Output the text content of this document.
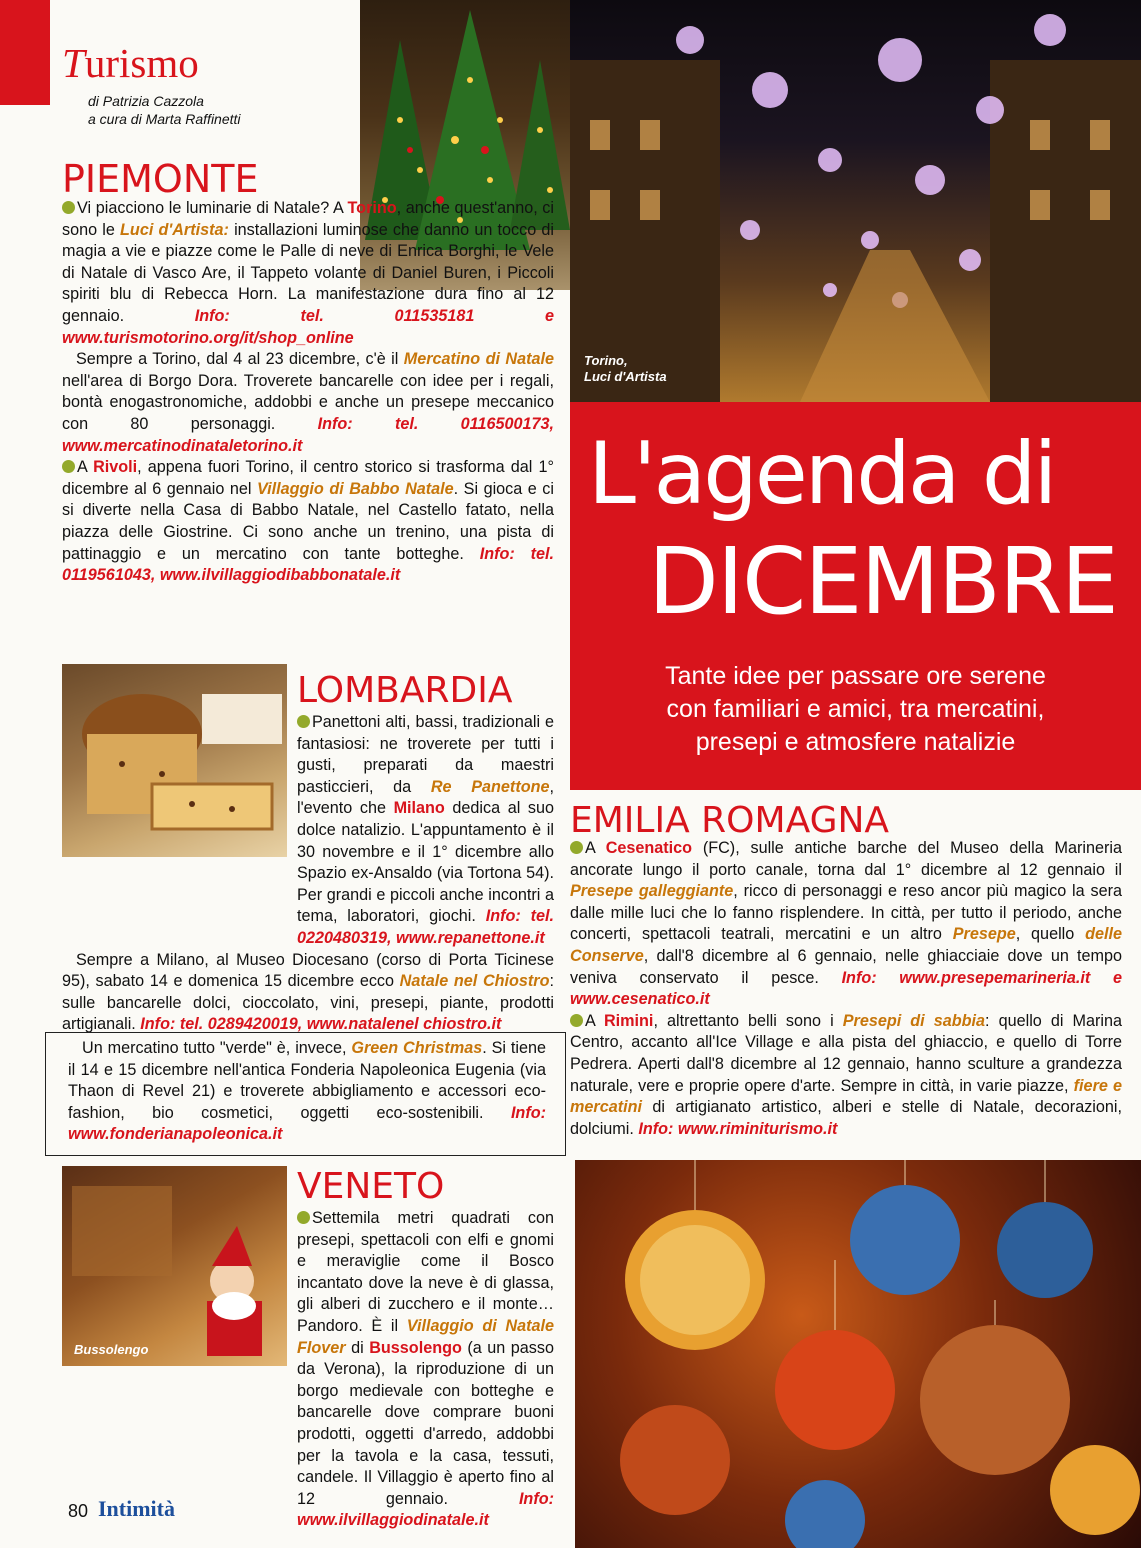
Turismo
di Patrizia Cazzola
a cura di Marta Raffinetti
Torino,
Luci d'Artista
L'agenda di
DICEMBRE
Tante idee per passare ore serene
con familiari e amici, tra mercatini,
presepi e atmosfere natalizie
PIEMONTE

Vi piacciono le luminarie di Natale? A Torino, anche quest'anno, ci sono le Luci d'Artista: installazioni luminose che danno un tocco di magia a vie e piazze come le Palle di neve di Enrica Borghi, le Vele di Natale di Vasco Are, il Tappeto volante di Daniel Buren, i Piccoli spiriti blu di Rebecca Horn. La manifestazione dura fino al 12 gennaio. Info: tel. 011535181 e www.turismotorino.org/it/shop_online

Sempre a Torino, dal 4 al 23 dicembre, c'è il Mercatino di Natale nell'area di Borgo Dora. Troverete bancarelle con idee per i regali, bontà enogastronomiche, addobbi e anche un presepe meccanico con 80 personaggi. Info: tel. 0116500173, www.mercatinodinataletorino.it

A Rivoli, appena fuori Torino, il centro storico si trasforma dal 1° dicembre al 6 gennaio nel Villaggio di Babbo Natale. Si gioca e ci si diverte nella Casa di Babbo Natale, nel Castello fatato, nella piazza delle Giostrine. Ci sono anche un trenino, una pista di pattinaggio e un mercatino con tante botteghe. Info: tel. 0119561043, www.ilvillaggiodibabbonatale.it

LOMBARDIA

Panettoni alti, bassi, tradizionali e fantasiosi: ne troverete per tutti i gusti, preparati da maestri pasticcieri, da Re Panettone, l'evento che Milano dedica al suo dolce natalizio. L'appuntamento è il 30 novembre e il 1° dicembre allo Spazio ex-Ansaldo (via Tortona 54). Per grandi e piccoli anche incontri a tema, laboratori, giochi. Info: tel. 0220480319, www.repanettone.it

Sempre a Milano, al Museo Diocesano (corso di Porta Ticinese 95), sabato 14 e domenica 15 dicembre ecco Natale nel Chiostro: sulle bancarelle dolci, cioccolato, vini, presepi, piante, prodotti artigianali. Info: tel. 0289420019, www.natalenel chiostro.it

Un mercatino tutto "verde" è, invece, Green Christmas. Si tiene il 14 e 15 dicembre nell'antica Fonderia Napoleonica Eugenia (via Thaon di Revel 21) e troverete abbigliamento e accessori eco-fashion, bio cosmetici, oggetti eco-sostenibili. Info: www.fonderianapoleonica.it

Bussolengo
VENETO

Settemila metri quadrati con presepi, spettacoli con elfi e gnomi e meraviglie come il Bosco incantato dove la neve è di glassa, gli alberi di zucchero e il monte… Pandoro. È il Villaggio di Natale Flover di Bussolengo (a un passo da Verona), la riproduzione di un borgo medievale con botteghe e bancarelle dove comprare buoni prodotti, oggetti d'arredo, addobbi per la tavola e la casa, tessuti, candele. Il Villaggio è aperto fino al 12 gennaio. Info: www.ilvillaggiodinatale.it

EMILIA ROMAGNA

A Cesenatico (FC), sulle antiche barche del Museo della Marineria ancorate lungo il porto canale, torna dal 1° dicembre al 12 gennaio il Presepe galleggiante, ricco di personaggi e reso ancor più magico la sera dalle mille luci che lo fanno risplendere. In città, per tutto il periodo, anche concerti, spettacoli teatrali, mercatini e un altro Presepe, quello delle Conserve, dall'8 dicembre al 6 gennaio, nelle ghiacciaie dove un tempo veniva conservato il pesce. Info: www.presepemarineria.it e www.cesenatico.it

A Rimini, altrettanto belli sono i Presepi di sabbia: quello di Marina Centro, accanto all'Ice Village e alla pista del ghiaccio, e quello di Torre Pedrera. Aperti dall'8 dicembre al 12 gennaio, hanno sculture a grandezza naturale, vere e proprie opere d'arte. Sempre in città, in varie piazze, fiere e mercatini di artigianato artistico, alberi e stelle di Natale, decorazioni, dolciumi. Info: www.riminiturismo.it

80 Intimità
